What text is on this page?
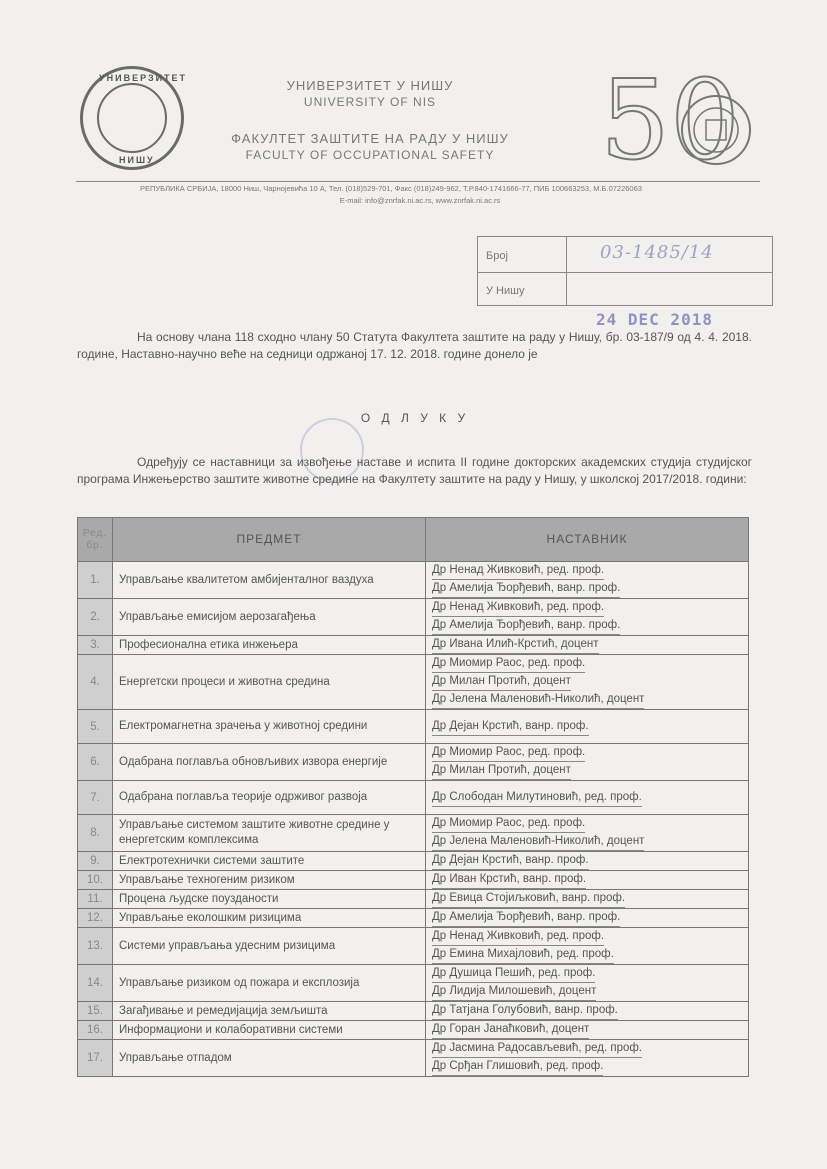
УНИВЕРЗИТЕТ
НИШУ

УНИВЕРЗИТЕТ У НИШУ

UNIVERSITY OF NIS

ФАКУЛТЕТ ЗАШТИТЕ НА РАДУ У НИШУ

FACULTY OF OCCUPATIONAL SAFETY 50
РЕПУБЛИКА СРБИЈА, 18000 Ниш, Чарнојевића 10 А, Тел. (018)529-701, Факс (018)249-962, Т.Р.840-1741666-77, ПИБ 100663253, М.Б.07226063
E-mail: info@znrfak.ni.ac.rs, www.znrfak.ni.ac.rs
Број	03-1485/14
У Нишу
24 DEC 2018
На основу члана 118 сходно члану 50 Статута Факултета заштите на раду у Нишу, бр. 03-187/9 од 4. 4. 2018. године, Наставно-научно веће на седници одржаној 17. 12. 2018. године донело је
О Д Л У К У
Одређују се наставници за извођење наставе и испита II године докторских академских студија студијског програма Инжењерство заштите животне средине на Факултету заштите на раду у Нишу, у школској 2017/2018. години:
Ред. бр.	ПРЕДМЕТ	НАСТАВНИК
1.	Управљање квалитетом амбијенталног ваздуха	Др Ненад Живковић, ред. проф.
Др Амелија Ђорђевић, ванр. проф.

2.	Управљање емисијом аерозагађења	Др Ненад Живковић, ред. проф.
Др Амелија Ђорђевић, ванр. проф.

3.	Професионална етика инжењера	Др Ивана Илић-Крстић, доцент

4.	Енергетски процеси и животна средина	Др Миомир Раос, ред. проф.
Др Милан Протић, доцент
Др Јелена Маленовић-Николић, доцент

5.	Електромагнетна зрачења у животној средини	Др Дејан Крстић, ванр. проф.

6.	Одабрана поглавља обновљивих извора енергије	Др Миомир Раос, ред. проф.
Др Милан Протић, доцент

7.	Одабрана поглавља теорије одрживог развоја	Др Слободан Милутиновић, ред. проф.

8.	Управљање системом заштите животне средине у енергетским комплексима	Др Миомир Раос, ред. проф.
Др Јелена Маленовић-Николић, доцент

9.	Електротехнички системи заштите	Др Дејан Крстић, ванр. проф.

10.	Управљање техногеним ризиком	Др Иван Крстић, ванр. проф.

11.	Процена људске поузданости	Др Евица Стојиљковић, ванр. проф.

12.	Управљање еколошким ризицима	Др Амелија Ђорђевић, ванр. проф.

13.	Системи управљања удесним ризицима	Др Ненад Живковић, ред. проф.
Др Емина Михајловић, ред. проф.

14.	Управљање ризиком од пожара и експлозија	Др Душица Пешић, ред. проф.
Др Лидија Милошевић, доцент

15.	Загађивање и ремедијација земљишта	Др Татјана Голубовић, ванр. проф.

16.	Информациони и колаборативни системи	Др Горан Јанаћковић, доцент

17.	Управљање отпадом	Др Јасмина Радосављевић, ред. проф.
Др Срђан Глишовић, ред. проф.
